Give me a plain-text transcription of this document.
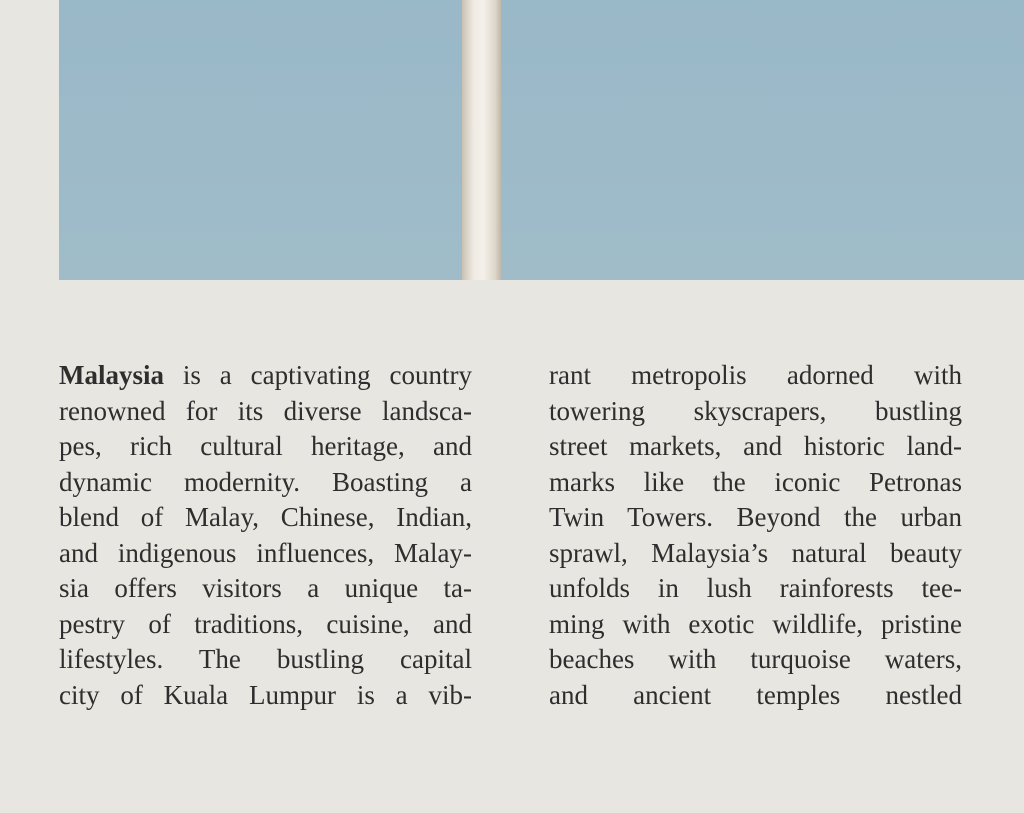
Malaysia is a captivating country
renowned for its diverse landsca-
pes, rich cultural heritage, and
dynamic modernity. Boasting a
blend of Malay, Chinese, Indian,
and indigenous influences, Malay-
sia offers visitors a unique ta-
pestry of traditions, cuisine, and
lifestyles. The bustling capital
city of Kuala Lumpur is a vib-
rant metropolis adorned with
towering skyscrapers, bustling
street markets, and historic land-
marks like the iconic Petronas
Twin Towers. Beyond the urban
sprawl, Malaysia’s natural beauty
unfolds in lush rainforests tee-
ming with exotic wildlife, pristine
beaches with turquoise waters,
and ancient temples nestled
